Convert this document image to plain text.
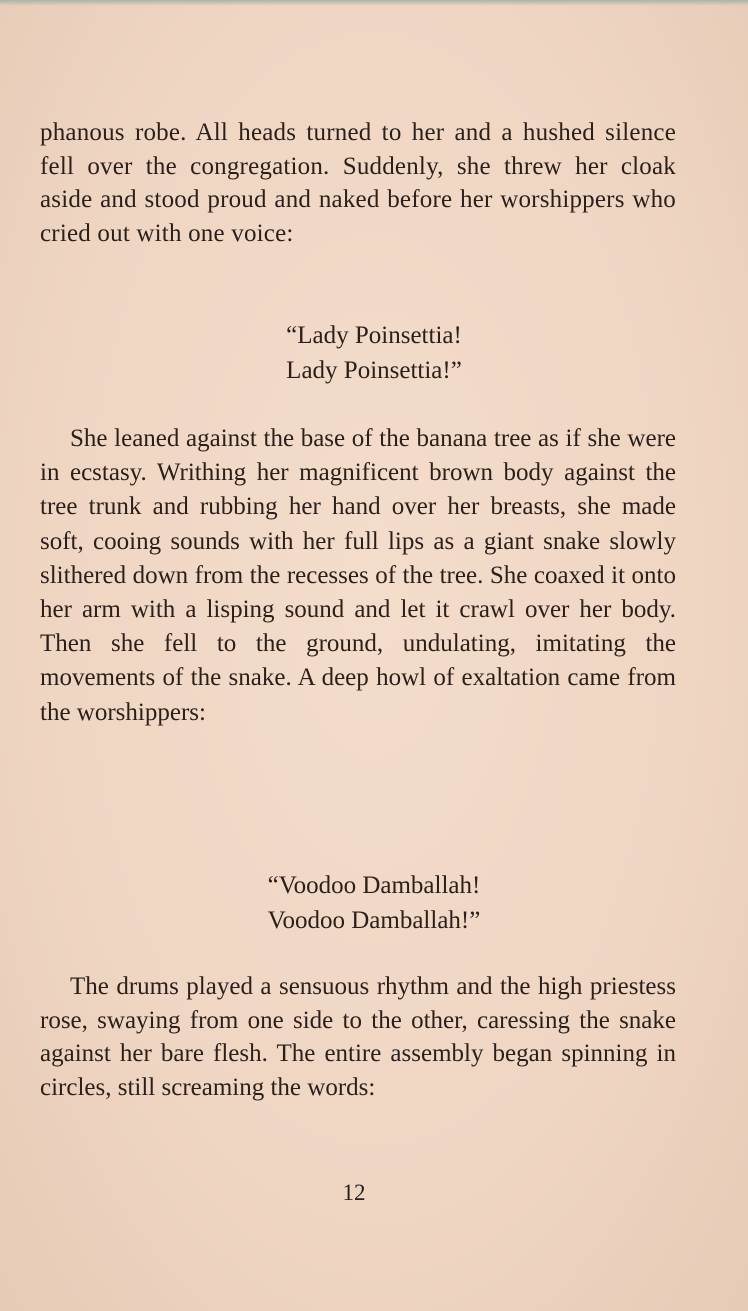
phanous robe. All heads turned to her and a hushed silence fell over the congregation. Suddenly, she threw her cloak aside and stood proud and naked before her worshippers who cried out with one voice:

“Lady Poinsettia!
Lady Poinsettia!”

She leaned against the base of the banana tree as if she were in ecstasy. Writhing her magnificent brown body against the tree trunk and rubbing her hand over her breasts, she made soft, cooing sounds with her full lips as a giant snake slowly slithered down from the recesses of the tree. She coaxed it onto her arm with a lisping sound and let it crawl over her body. Then she fell to the ground, undulating, imitating the movements of the snake. A deep howl of exaltation came from the worshippers:

“Voodoo Damballah!
Voodoo Damballah!”

The drums played a sensuous rhythm and the high priestess rose, swaying from one side to the other, caressing the snake against her bare flesh. The entire assembly began spinning in circles, still screaming the words:

12
